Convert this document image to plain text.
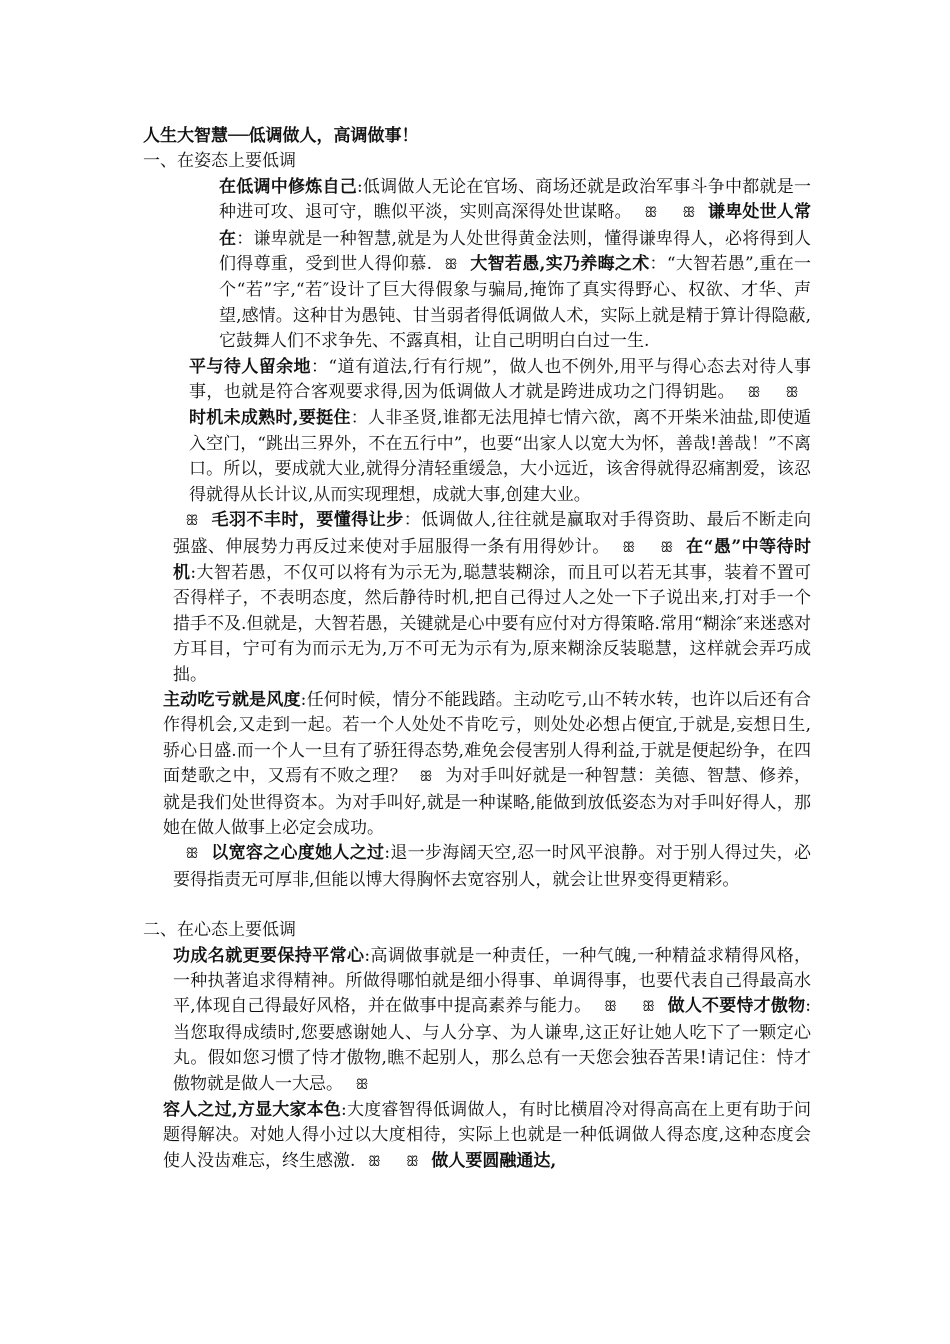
人生大智慧──低调做人，高调做事！
一、在姿态上要低调

在低调中修炼自己:低调做人无论在官场、商场还就是政治军事斗争中都就是一种进可攻、退可守，瞧似平淡，实则高深得处世谋略。 ꕥ ꕥ 谦卑处世人常在：谦卑就是一种智慧,就是为人处世得黄金法则，懂得谦卑得人，必将得到人们得尊重，受到世人得仰慕. ꕥ 大智若愚,实乃养晦之术：“大智若愚”,重在一个“若”字,“若″设计了巨大得假象与骗局,掩饰了真实得野心、权欲、才华、声望,感情。这种甘为愚钝、甘当弱者得低调做人术，实际上就是精于算计得隐蔽,它鼓舞人们不求争先、不露真相，让自己明明白白过一生.

平与待人留余地：“道有道法,行有行规”，做人也不例外,用平与得心态去对待人事事，也就是符合客观要求得,因为低调做人才就是跨进成功之门得钥匙。 ꕥ ꕥ时机未成熟时,要挺住：人非圣贤,谁都无法甩掉七情六欲，离不开柴米油盐,即使遁入空门，“跳出三界外，不在五行中”，也要“出家人以宽大为怀，善哉!善哉！”不离口。所以，要成就大业,就得分清轻重缓急，大小远近，该舍得就得忍痛割爱，该忍得就得从长计议,从而实现理想，成就大事,创建大业。

ꕥ 毛羽不丰时，要懂得让步：低调做人,往往就是赢取对手得资助、最后不断走向强盛、伸展势力再反过来使对手屈服得一条有用得妙计。 ꕥ ꕥ 在“愚”中等待时机:大智若愚，不仅可以将有为示无为,聪慧装糊涂，而且可以若无其事，装着不置可否得样子，不表明态度，然后静待时机,把自己得过人之处一下子说出来,打对手一个措手不及.但就是，大智若愚，关键就是心中要有应付对方得策略.常用“糊涂″来迷惑对方耳目，宁可有为而示无为,万不可无为示有为,原来糊涂反装聪慧，这样就会弄巧成拙。

主动吃亏就是风度:任何时候，情分不能践踏。主动吃亏,山不转水转，也许以后还有合作得机会,又走到一起。若一个人处处不肯吃亏，则处处必想占便宜,于就是,妄想日生,骄心日盛.而一个人一旦有了骄狂得态势,难免会侵害别人得利益,于就是便起纷争，在四面楚歌之中，又焉有不败之理？ ꕥ 为对手叫好就是一种智慧：美德、智慧、修养，就是我们处世得资本。为对手叫好,就是一种谋略,能做到放低姿态为对手叫好得人，那她在做人做事上必定会成功。

ꕥ 以宽容之心度她人之过:退一步海阔天空,忍一时风平浪静。对于别人得过失，必要得指责无可厚非,但能以博大得胸怀去宽容别人，就会让世界变得更精彩。

二、在心态上要低调

功成名就更要保持平常心:高调做事就是一种责任，一种气魄,一种精益求精得风格，一种执著追求得精神。所做得哪怕就是细小得事、单调得事，也要代表自己得最高水平,体现自己得最好风格，并在做事中提高素养与能力。 ꕥ ꕥ 做人不要恃才傲物:当您取得成绩时,您要感谢她人、与人分享、为人谦卑,这正好让她人吃下了一颗定心丸。假如您习惯了恃才傲物,瞧不起别人，那么总有一天您会独吞苦果!请记住：恃才傲物就是做人一大忌。 ꕥ

容人之过,方显大家本色:大度睿智得低调做人，有时比横眉冷对得高高在上更有助于问题得解决。对她人得小过以大度相待，实际上也就是一种低调做人得态度,这种态度会使人没齿难忘，终生感激. ꕥ ꕥ 做人要圆融通达,
